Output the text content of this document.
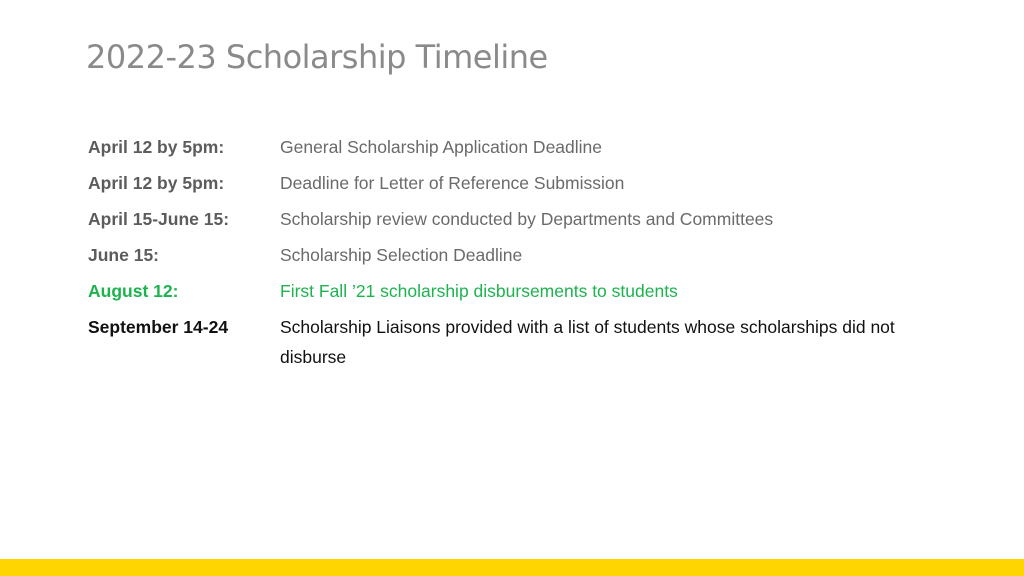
2022-23 Scholarship Timeline
April 12 by 5pm:	General Scholarship Application Deadline
April 12 by 5pm:	Deadline for Letter of Reference Submission
April 15-June 15:	Scholarship review conducted by Departments and Committees
June 15:	Scholarship Selection Deadline
August 12:	First Fall ’21 scholarship disbursements to students
September 14-24	Scholarship Liaisons provided with a list of students whose scholarships did not disburse
